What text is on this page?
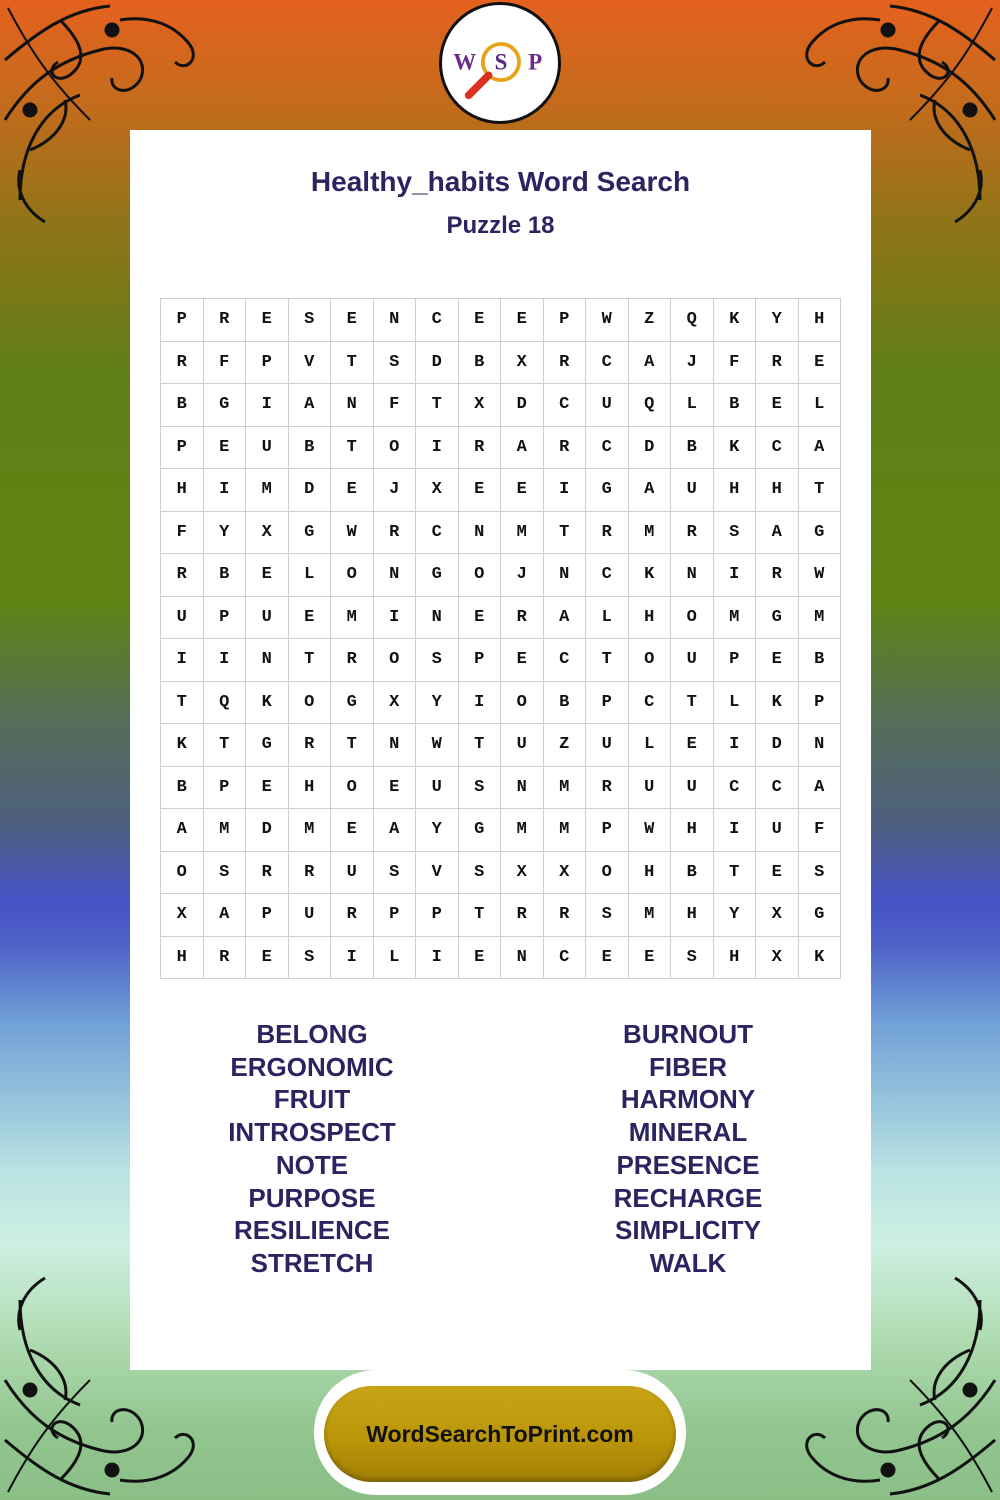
W S P
Healthy_habits Word Search
Puzzle 18
P	R	E	S	E	N	C	E	E	P	W	Z	Q	K	Y	H
R	F	P	V	T	S	D	B	X	R	C	A	J	F	R	E
B	G	I	A	N	F	T	X	D	C	U	Q	L	B	E	L
P	E	U	B	T	O	I	R	A	R	C	D	B	K	C	A
H	I	M	D	E	J	X	E	E	I	G	A	U	H	H	T
F	Y	X	G	W	R	C	N	M	T	R	M	R	S	A	G
R	B	E	L	O	N	G	O	J	N	C	K	N	I	R	W
U	P	U	E	M	I	N	E	R	A	L	H	O	M	G	M
I	I	N	T	R	O	S	P	E	C	T	O	U	P	E	B
T	Q	K	O	G	X	Y	I	O	B	P	C	T	L	K	P
K	T	G	R	T	N	W	T	U	Z	U	L	E	I	D	N
B	P	E	H	O	E	U	S	N	M	R	U	U	C	C	A
A	M	D	M	E	A	Y	G	M	M	P	W	H	I	U	F
O	S	R	R	U	S	V	S	X	X	O	H	B	T	E	S
X	A	P	U	R	P	P	T	R	R	S	M	H	Y	X	G
H	R	E	S	I	L	I	E	N	C	E	E	S	H	X	K
BELONG
ERGONOMIC
FRUIT
INTROSPECT
NOTE
PURPOSE
RESILIENCE
STRETCH
BURNOUT
FIBER
HARMONY
MINERAL
PRESENCE
RECHARGE
SIMPLICITY
WALK
WordSearchToPrint.com
